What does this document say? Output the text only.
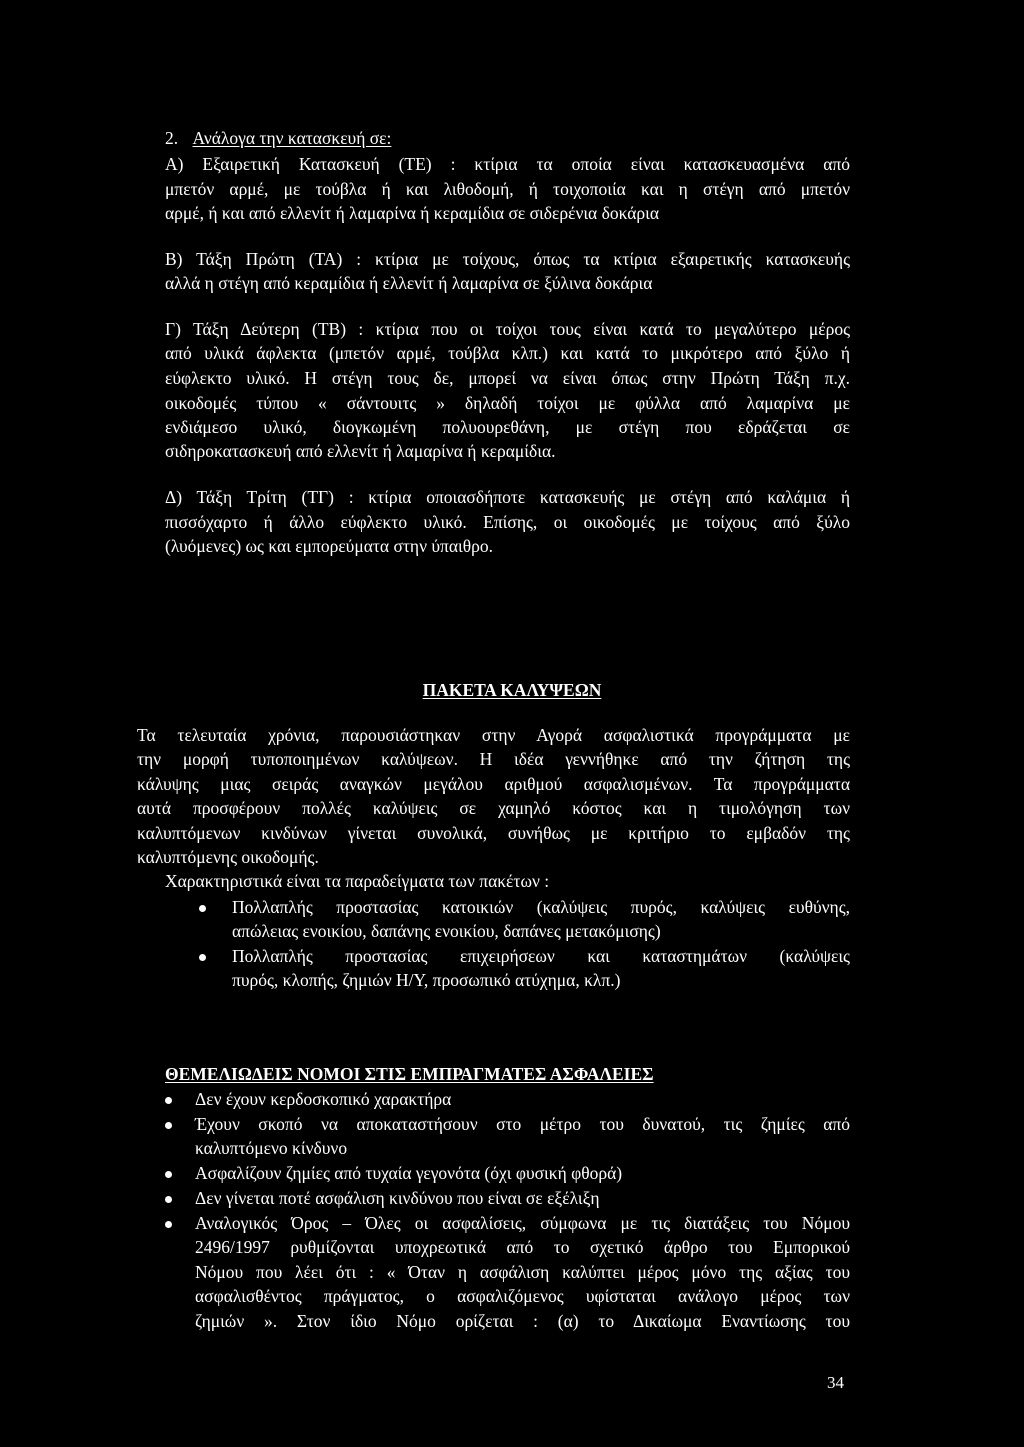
2. Ανάλογα την κατασκευή σε:
Α) Εξαιρετική Κατασκευή (ΤΕ) : κτίρια τα οποία είναι κατασκευασμένα από
μπετόν αρμέ, με τούβλα ή και λιθοδομή, ή τοιχοποιία και η στέγη από μπετόν
αρμέ, ή και από ελλενίτ ή λαμαρίνα ή κεραμίδια σε σιδερένια δοκάρια
Β) Τάξη Πρώτη (ΤΑ) : κτίρια με τοίχους, όπως τα κτίρια εξαιρετικής κατασκευής
αλλά η στέγη από κεραμίδια ή ελλενίτ ή λαμαρίνα σε ξύλινα δοκάρια
Γ) Τάξη Δεύτερη (ΤΒ) : κτίρια που οι τοίχοι τους είναι κατά το μεγαλύτερο μέρος
από υλικά άφλεκτα (μπετόν αρμέ, τούβλα κλπ.) και κατά το μικρότερο από ξύλο ή
εύφλεκτο υλικό. Η στέγη τους δε, μπορεί να είναι όπως στην Πρώτη Τάξη π.χ.
οικοδομές τύπου « σάντουιτς » δηλαδή τοίχοι με φύλλα από λαμαρίνα με
ενδιάμεσο υλικό, διογκωμένη πολυουρεθάνη, με στέγη που εδράζεται σε
σιδηροκατασκευή από ελλενίτ ή λαμαρίνα ή κεραμίδια.
Δ) Τάξη Τρίτη (ΤΓ) : κτίρια οποιασδήποτε κατασκευής με στέγη από καλάμια ή
πισσόχαρτο ή άλλο εύφλεκτο υλικό. Επίσης, οι οικοδομές με τοίχους από ξύλο
(λυόμενες) ως και εμπορεύματα στην ύπαιθρο.
ΠΑΚΕΤΑ ΚΑΛΥΨΕΩΝ
Τα τελευταία χρόνια, παρουσιάστηκαν στην Αγορά ασφαλιστικά προγράμματα με
την μορφή τυποποιημένων καλύψεων. Η ιδέα γεννήθηκε από την ζήτηση της
κάλυψης μιας σειράς αναγκών μεγάλου αριθμού ασφαλισμένων. Τα προγράμματα
αυτά προσφέρουν πολλές καλύψεις σε χαμηλό κόστος και η τιμολόγηση των
καλυπτόμενων κινδύνων γίνεται συνολικά, συνήθως με κριτήριο το εμβαδόν της
καλυπτόμενης οικοδομής.
Χαρακτηριστικά είναι τα παραδείγματα των πακέτων :
Πολλαπλής προστασίας κατοικιών (καλύψεις πυρός, καλύψεις ευθύνης,
απώλειας ενοικίου, δαπάνης ενοικίου, δαπάνες μετακόμισης)
Πολλαπλής προστασίας επιχειρήσεων και καταστημάτων (καλύψεις
πυρός, κλοπής, ζημιών Η/Υ, προσωπικό ατύχημα, κλπ.)
ΘΕΜΕΛΙΩΔΕΙΣ ΝΟΜΟΙ ΣΤΙΣ ΕΜΠΡΑΓΜΑΤΕΣ ΑΣΦΑΛΕΙΕΣ
Δεν έχουν κερδοσκοπικό χαρακτήρα
Έχουν σκοπό να αποκαταστήσουν στο μέτρο του δυνατού, τις ζημίες από
καλυπτόμενο κίνδυνο
Ασφαλίζουν ζημίες από τυχαία γεγονότα (όχι φυσική φθορά)
Δεν γίνεται ποτέ ασφάλιση κινδύνου που είναι σε εξέλιξη
Αναλογικός Όρος – Όλες οι ασφαλίσεις, σύμφωνα με τις διατάξεις του Νόμου
2496/1997 ρυθμίζονται υποχρεωτικά από το σχετικό άρθρο του Εμπορικού
Νόμου που λέει ότι : « Όταν η ασφάλιση καλύπτει μέρος μόνο της αξίας του
ασφαλισθέντος πράγματος, ο ασφαλιζόμενος υφίσταται ανάλογο μέρος των
ζημιών ». Στον ίδιο Νόμο ορίζεται : (α) το Δικαίωμα Εναντίωσης του
34
